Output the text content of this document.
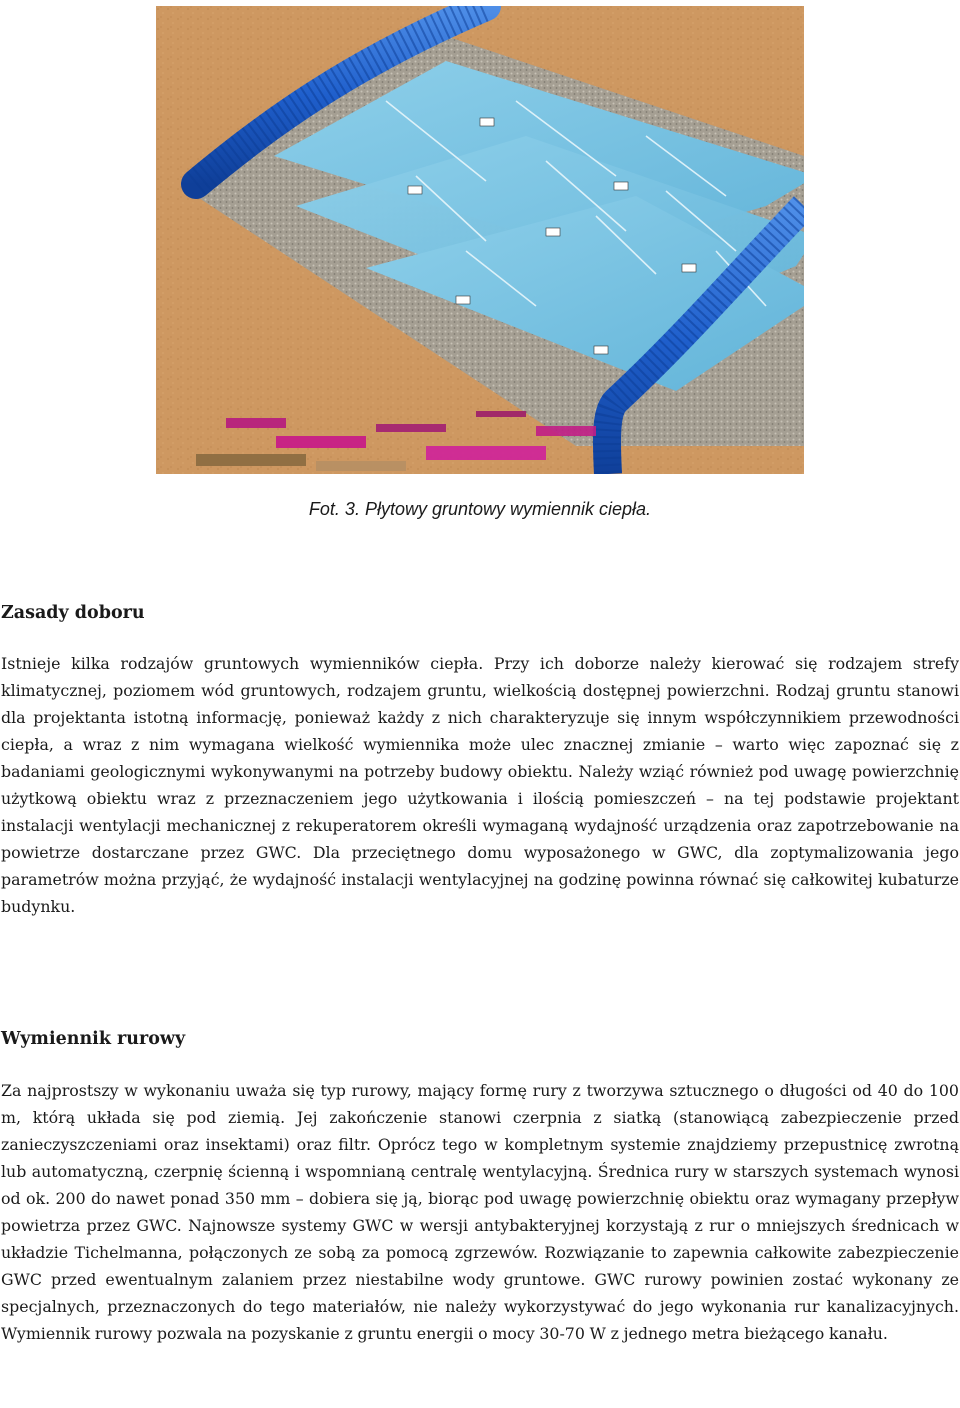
Fot. 3. Płytowy gruntowy wymiennik ciepła.
Zasady doboru

Istnieje kilka rodzajów gruntowych wymienników ciepła. Przy ich doborze należy kierować się rodzajem strefy klimatycznej, poziomem wód gruntowych, rodzajem gruntu, wielkością dostępnej powierzchni. Rodzaj gruntu stanowi dla projektanta istotną informację, ponieważ każdy z nich charakteryzuje się innym współczynnikiem przewodności ciepła, a wraz z nim wymagana wielkość wymiennika może ulec znacznej zmianie – warto więc zapoznać się z badaniami geologicznymi wykonywanymi na potrzeby budowy obiektu. Należy wziąć również pod uwagę powierzchnię użytkową obiektu wraz z przeznaczeniem jego użytkowania i ilością pomieszczeń – na tej podstawie projektant instalacji wentylacji mechanicznej z rekuperatorem określi wymaganą wydajność urządzenia oraz zapotrzebowanie na powietrze dostarczane przez GWC. Dla przeciętnego domu wyposażonego w GWC, dla zoptymalizowania jego parametrów można przyjąć, że wydajność instalacji wentylacyjnej na godzinę powinna równać się całkowitej kubaturze budynku.

Wymiennik rurowy

Za najprostszy w wykonaniu uważa się typ rurowy, mający formę rury z tworzywa sztucznego o długości od 40 do 100 m, którą układa się pod ziemią. Jej zakończenie stanowi czerpnia z siatką (stanowiącą zabezpieczenie przed zanieczyszczeniami oraz insektami) oraz filtr. Oprócz tego w kompletnym systemie znajdziemy przepustnicę zwrotną lub automatyczną, czerpnię ścienną i wspomnianą centralę wentylacyjną. Średnica rury w starszych systemach wynosi od ok. 200 do nawet ponad 350 mm – dobiera się ją, biorąc pod uwagę powierzchnię obiektu oraz wymagany przepływ powietrza przez GWC. Najnowsze systemy GWC w wersji antybakteryjnej korzystają z rur o mniejszych średnicach w układzie Tichelmanna, połączonych ze sobą za pomocą zgrzewów. Rozwiązanie to zapewnia całkowite zabezpieczenie GWC przed ewentualnym zalaniem przez niestabilne wody gruntowe. GWC rurowy powinien zostać wykonany ze specjalnych, przeznaczonych do tego materiałów, nie należy wykorzystywać do jego wykonania rur kanalizacyjnych. Wymiennik rurowy pozwala na pozyskanie z gruntu energii o mocy 30-70 W z jednego metra bieżącego kanału.
